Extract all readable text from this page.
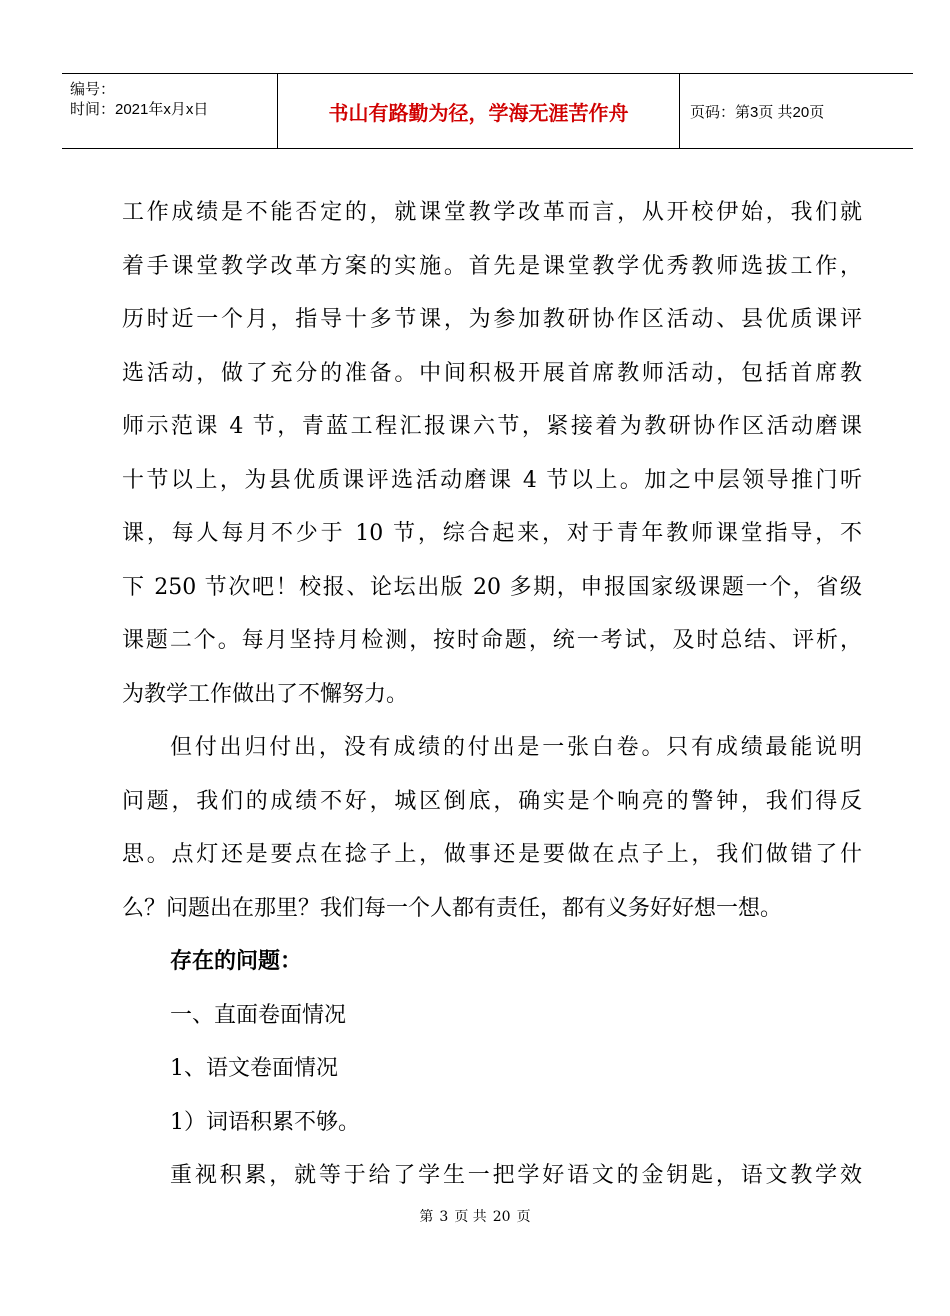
编号：
时间：2021年x月x日	书山有路勤为径，学海无涯苦作舟	页码：第3页 共20页
工作成绩是不能否定的，就课堂教学改革而言，从开校伊始，我们就
着手课堂教学改革方案的实施。首先是课堂教学优秀教师选拔工作，
历时近一个月，指导十多节课，为参加教研协作区活动、县优质课评
选活动，做了充分的准备。中间积极开展首席教师活动，包括首席教
师示范课 4 节，青蓝工程汇报课六节，紧接着为教研协作区活动磨课
十节以上，为县优质课评选活动磨课 4 节以上。加之中层领导推门听
课，每人每月不少于 10 节，综合起来，对于青年教师课堂指导，不
下 250 节次吧！校报、论坛出版 20 多期，申报国家级课题一个，省级
课题二个。每月坚持月检测，按时命题，统一考试，及时总结、评析，
为教学工作做出了不懈努力。
但付出归付出，没有成绩的付出是一张白卷。只有成绩最能说明
问题，我们的成绩不好，城区倒底，确实是个响亮的警钟，我们得反
思。点灯还是要点在捻子上，做事还是要做在点子上，我们做错了什
么？问题出在那里？我们每一个人都有责任，都有义务好好想一想。
存在的问题：
一、直面卷面情况
1、语文卷面情况
1）词语积累不够。
重视积累，就等于给了学生一把学好语文的金钥匙，语文教学效
第 3 页 共 20 页
